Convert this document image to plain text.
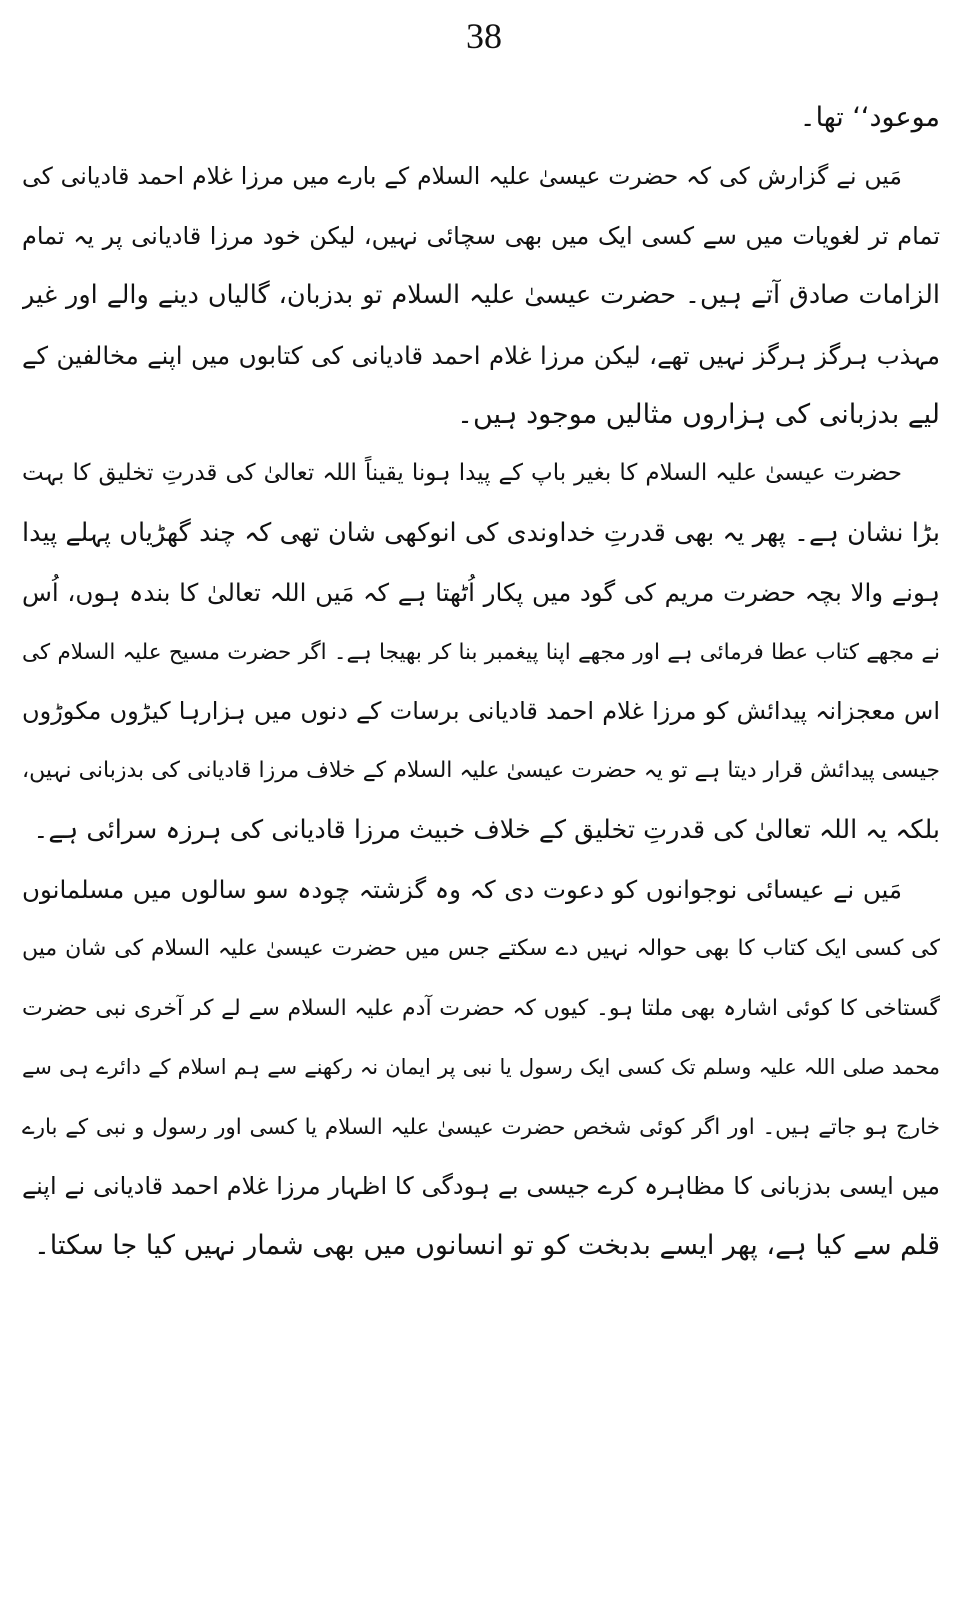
38
موعود‘‘ تھا۔
مَیں نے گزارش کی کہ حضرت عیسیٰ علیہ السلام کے بارے میں مرزا غلام احمد قادیانی کی
تمام تر لغویات میں سے کسی ایک میں بھی سچائی نہیں، لیکن خود مرزا قادیانی پر یہ تمام
الزامات صادق آتے ہیں۔ حضرت عیسیٰ علیہ السلام تو بدزبان، گالیاں دینے والے اور غیر
مہذب ہرگز ہرگز نہیں تھے، لیکن مرزا غلام احمد قادیانی کی کتابوں میں اپنے مخالفین کے
لیے بدزبانی کی ہزاروں مثالیں موجود ہیں۔
حضرت عیسیٰ علیہ السلام کا بغیر باپ کے پیدا ہونا یقیناً اللہ تعالیٰ کی قدرتِ تخلیق کا بہت
بڑا نشان ہے۔ پھر یہ بھی قدرتِ خداوندی کی انوکھی شان تھی کہ چند گھڑیاں پہلے پیدا
ہونے والا بچہ حضرت مریم کی گود میں پکار اُٹھتا ہے کہ مَیں اللہ تعالیٰ کا بندہ ہوں، اُس
نے مجھے کتاب عطا فرمائی ہے اور مجھے اپنا پیغمبر بنا کر بھیجا ہے۔ اگر حضرت مسیح علیہ السلام کی
اس معجزانہ پیدائش کو مرزا غلام احمد قادیانی برسات کے دنوں میں ہزارہا کیڑوں مکوڑوں
جیسی پیدائش قرار دیتا ہے تو یہ حضرت عیسیٰ علیہ السلام کے خلاف مرزا قادیانی کی بدزبانی نہیں،
بلکہ یہ اللہ تعالیٰ کی قدرتِ تخلیق کے خلاف خبیث مرزا قادیانی کی ہرزہ سرائی ہے۔
مَیں نے عیسائی نوجوانوں کو دعوت دی کہ وہ گزشتہ چودہ سو سالوں میں مسلمانوں
کی کسی ایک کتاب کا بھی حوالہ نہیں دے سکتے جس میں حضرت عیسیٰ علیہ السلام کی شان میں
گستاخی کا کوئی اشارہ بھی ملتا ہو۔ کیوں کہ حضرت آدم علیہ السلام سے لے کر آخری نبی حضرت
محمد صلی اللہ علیہ وسلم تک کسی ایک رسول یا نبی پر ایمان نہ رکھنے سے ہم اسلام کے دائرے ہی سے
خارج ہو جاتے ہیں۔ اور اگر کوئی شخص حضرت عیسیٰ علیہ السلام یا کسی اور رسول و نبی کے بارے
میں ایسی بدزبانی کا مظاہرہ کرے جیسی بے ہودگی کا اظہار مرزا غلام احمد قادیانی نے اپنے
قلم سے کیا ہے، پھر ایسے بدبخت کو تو انسانوں میں بھی شمار نہیں کیا جا سکتا۔
